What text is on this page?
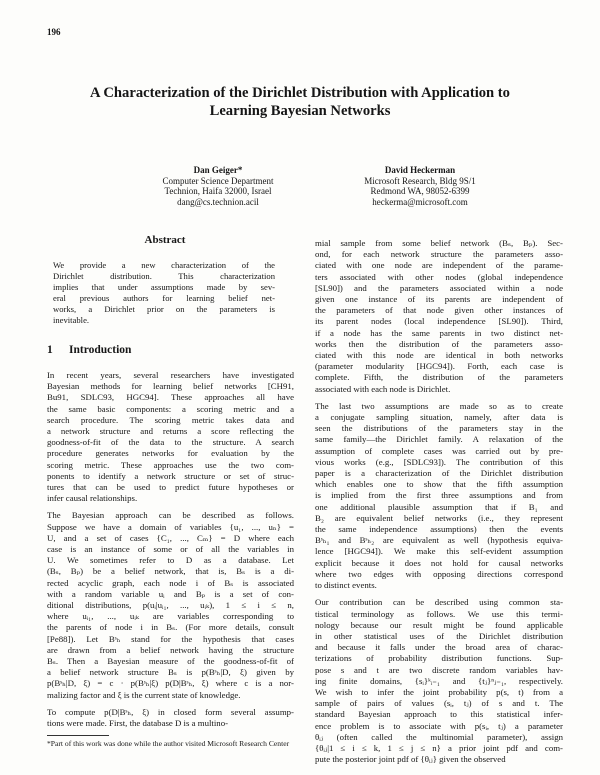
196
A Characterization of the Dirichlet Distribution with Application to
Learning Bayesian Networks
Dan Geiger*
Computer Science Department
Technion, Haifa 32000, Israel
dang@cs.technion.acil
David Heckerman
Microsoft Research, Bldg 9S/1
Redmond WA, 98052-6399
heckerma@microsoft.com
Abstract
We provide a new characterization of the
Dirichlet distribution. This characterization
implies that under assumptions made by sev-
eral previous authors for learning belief net-
works, a Dirichlet prior on the parameters is
inevitable.
1 Introduction

In recent years, several researchers have investigated
Bayesian methods for learning belief networks [CH91,
Bu91, SDLC93, HGC94]. These approaches all have
the same basic components: a scoring metric and a
search procedure. The scoring metric takes data and
a network structure and returns a score reflecting the
goodness-of-fit of the data to the structure. A search
procedure generates networks for evaluation by the
scoring metric. These approaches use the two com-
ponents to identify a network structure or set of struc-
tures that can be used to predict future hypotheses or
infer causal relationships.

The Bayesian approach can be described as follows.
Suppose we have a domain of variables {u₁, ..., uₙ} =
U, and a set of cases {C₁, ..., Cₘ} = D where each
case is an instance of some or of all the variables in
U. We sometimes refer to D as a database. Let
(Bₛ, Bₚ) be a belief network, that is, Bₛ is a di-
rected acyclic graph, each node i of Bₛ is associated
with a random variable uᵢ and Bₚ is a set of con-
ditional distributions, p(uᵢ|uᵢ₁, ..., uᵢₖ), 1 ≤ i ≤ n,
where uᵢ₁, ..., uᵢₖ are variables corresponding to
the parents of node i in Bₛ. (For more details, consult
[Pe88]). Let Bˢₕ stand for the hypothesis that cases
are drawn from a belief network having the structure
Bₛ. Then a Bayesian measure of the goodness-of-fit of
a belief network structure Bₛ is p(Bˢₕ|D, ξ) given by
p(Bˢₕ|D, ξ) = c · p(Bˢₕ|ξ) p(D|Bˢₕ, ξ) where c is a nor-
malizing factor and ξ is the current state of knowledge.

To compute p(D|Bˢₕ, ξ) in closed form several assump-
tions were made. First, the database D is a multino-

*Part of this work was done while the author visited Microsoft Research Center

mial sample from some belief network (Bₛ, Bₚ). Sec-
ond, for each network structure the parameters asso-
ciated with one node are independent of the parame-
ters associated with other nodes (global independence
[SL90]) and the parameters associated within a node
given one instance of its parents are independent of
the parameters of that node given other instances of
its parent nodes (local independence [SL90]). Third,
if a node has the same parents in two distinct net-
works then the distribution of the parameters asso-
ciated with this node are identical in both networks
(parameter modularity [HGC94]). Forth, each case is
complete. Fifth, the distribution of the parameters
associated with each node is Dirichlet.

The last two assumptions are made so as to create
a conjugate sampling situation, namely, after data is
seen the distributions of the parameters stay in the
same family—the Dirichlet family. A relaxation of the
assumption of complete cases was carried out by pre-
vious works (e.g., [SDLC93]). The contribution of this
paper is a characterization of the Dirichlet distribution
which enables one to show that the fifth assumption
is implied from the first three assumptions and from
one additional plausible assumption that if B₁ and
B₂ are equivalent belief networks (i.e., they represent
the same independence assumptions) then the events
Bˢₕ₁ and Bˢₕ₂ are equivalent as well (hypothesis equiva-
lence [HGC94]). We make this self-evident assumption
explicit because it does not hold for causal networks
where two edges with opposing directions correspond
to distinct events.

Our contribution can be described using common sta-
tistical terminology as follows. We use this termi-
nology because our result might be found applicable
in other statistical uses of the Dirichlet distribution
and because it falls under the broad area of charac-
terizations of probability distribution functions. Sup-
pose s and t are two discrete random variables hav-
ing finite domains, {sᵢ}ᵏᵢ₌₁ and {tⱼ}ⁿⱼ₌₁, respectively.
We wish to infer the joint probability p(s, t) from a
sample of pairs of values (sᵢ, tⱼ) of s and t. The
standard Bayesian approach to this statistical infer-
ence problem is to associate with p(sᵢ, tⱼ) a parameter
θᵢⱼ (often called the multinomial parameter), assign
{θᵢⱼ|1 ≤ i ≤ k, 1 ≤ j ≤ n} a prior joint pdf and com-
pute the posterior joint pdf of {θᵢⱼ} given the observed
